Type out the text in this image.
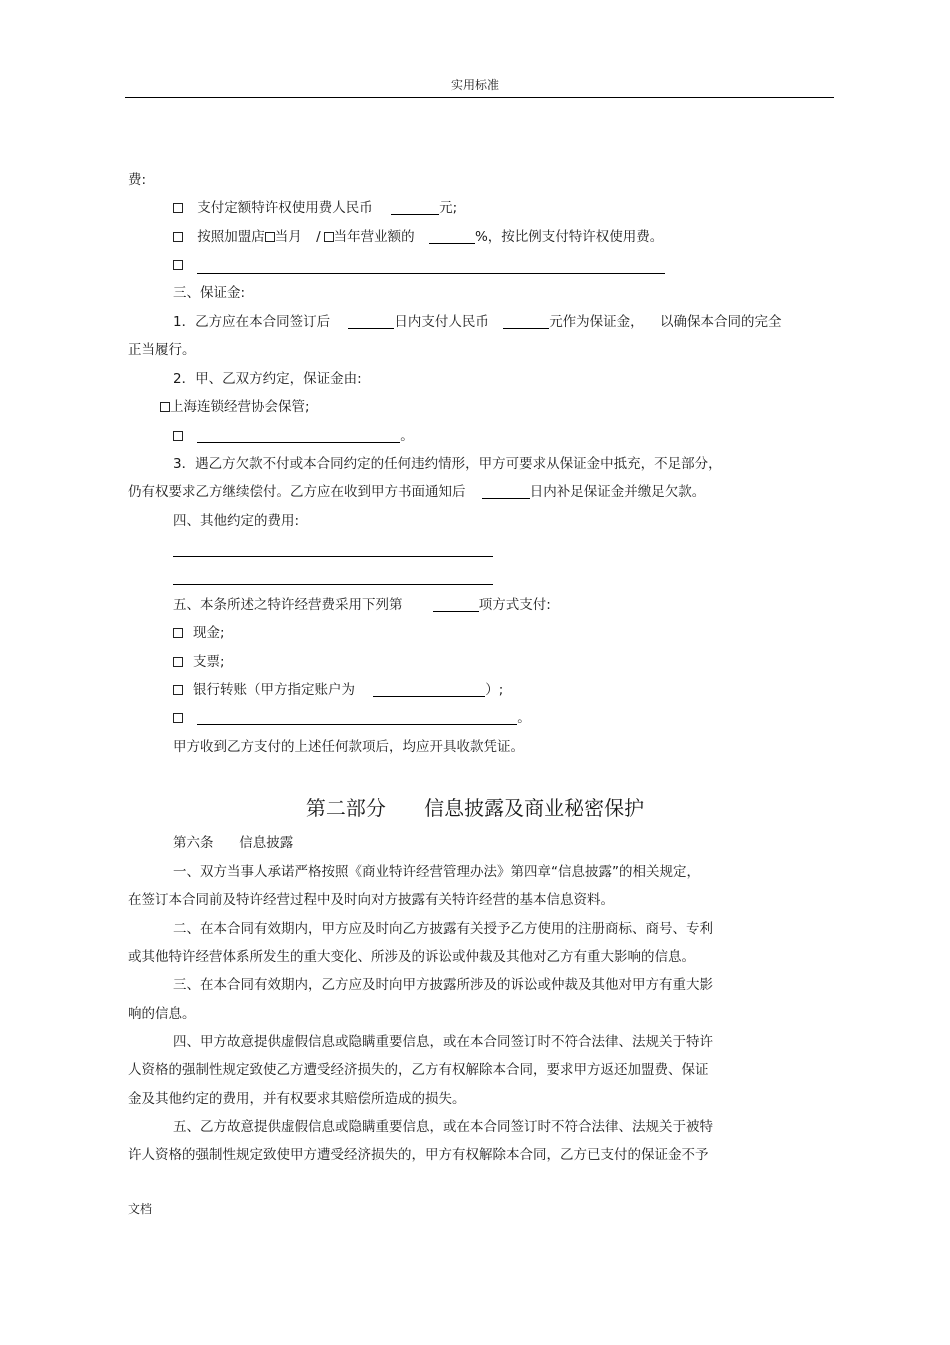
实用标准
费:
支付定额特许权使用费人民币	元;
按照加盟店 当月 / 当年营业额的	%，按比例支付特许权使用费。
三、保证金:
1．乙方应在本合同签订后	日内支付人民币	元作为保证金， 以确保本合同的完全
正当履行。
2．甲、乙双方约定，保证金由:
上海连锁经营协会保管;
。
3．遇乙方欠款不付或本合同约定的任何违约情形，甲方可要求从保证金中抵充，不足部分，
仍有权要求乙方继续偿付。乙方应在收到甲方书面通知后	日内补足保证金并缴足欠款。
四、其他约定的费用:
五、本条所述之特许经营费采用下列第	项方式支付:
现金;
支票;
银行转账（甲方指定账户为	）;
。
甲方收到乙方支付的上述任何款项后，均应开具收款凭证。
第二部分      信息披露及商业秘密保护
第六条      信息披露
一、双方当事人承诺严格按照《商业特许经营管理办法》第四章“信息披露”的相关规定，
在签订本合同前及特许经营过程中及时向对方披露有关特许经营的基本信息资料。
二、在本合同有效期内，甲方应及时向乙方披露有关授予乙方使用的注册商标、商号、专利
或其他特许经营体系所发生的重大变化、所涉及的诉讼或仲裁及其他对乙方有重大影响的信息。
三、在本合同有效期内，乙方应及时向甲方披露所涉及的诉讼或仲裁及其他对甲方有重大影
响的信息。
四、甲方故意提供虚假信息或隐瞒重要信息，或在本合同签订时不符合法律、法规关于特许
人资格的强制性规定致使乙方遭受经济损失的，乙方有权解除本合同，要求甲方返还加盟费、保证
金及其他约定的费用，并有权要求其赔偿所造成的损失。
五、乙方故意提供虚假信息或隐瞒重要信息，或在本合同签订时不符合法律、法规关于被特
许人资格的强制性规定致使甲方遭受经济损失的，甲方有权解除本合同，乙方已支付的保证金不予
文档
